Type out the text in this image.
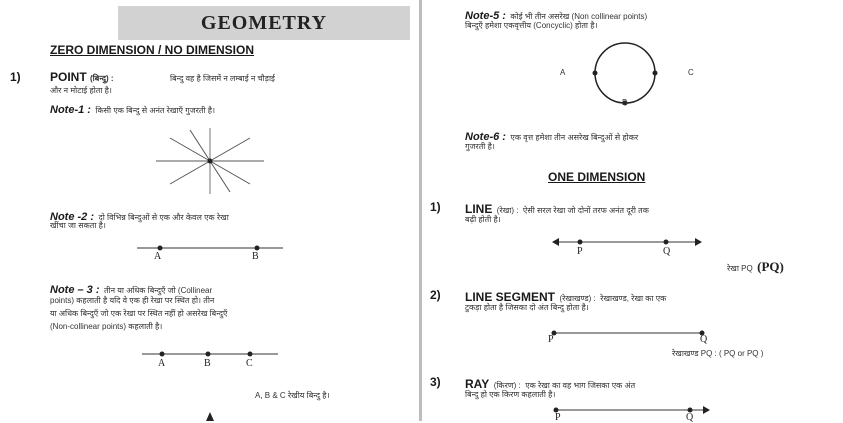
GEOMETRY
ZERO DIMENSION / NO DIMENSION
1) POINT (बिन्दु) :	बिन्दु वह है जिसमें न लम्बाई न चौड़ाई
और न मोटाई होता है।
Note-1 : किसी एक बिन्दु से अनंत रेखाएँ गुजरती है।
Note -2 : दो विभिन्न बिन्दुओं से एक और केवल एक रेखा
खींचा जा सकता है।
A	B
Note – 3 : तीन या अधिक बिन्दुएँ जो (Collinear
points) कहलाती है यदि वे एक ही रेखा पर स्थित हो। तीन
या अधिक बिन्दुएँ जो एक रेखा पर स्थित नहीं हो असरेख बिन्दुएँ
(Non-collinear points) कहलाती है।
A	B	C
A, B & C रेखीय बिन्दु है।
Note-5 : कोई भी तीन असरेख (Non collinear points)
बिन्दुएँ हमेशा एकवृत्तीय (Concyclic) होता है।
A	C
B
Note-6 : एक वृत्त हमेशा तीन असरेख बिन्दुओं से होकर
गुजरती है।
ONE DIMENSION
1) LINE (रेखा) : ऐसी सरल रेखा जो दोनों तरफ अनंत दूरी तक
बढ़ी होती है।
P	Q
रेखा PQ (PQ)
2) LINE SEGMENT (रेखाखण्ड) : रेखाखण्ड, रेखा का एक
टुकड़ा होता है जिसका दो अंत बिन्दु होता है।
P	Q
रेखाखण्ड PQ : ( PQ or PQ )
3) RAY (किरण) : एक रेखा का वह भाग जिसका एक अंत
बिन्दु हो एक किरण कहलाती है।
P	Q
